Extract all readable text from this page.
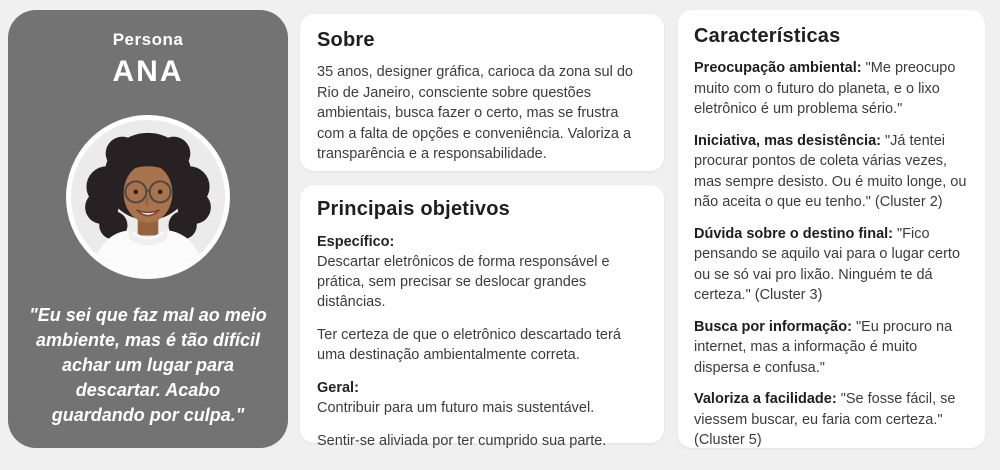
Persona
ANA
"Eu sei que faz mal ao meio ambiente, mas é tão difícil achar um lugar para descartar. Acabo guardando por culpa."
Sobre

35 anos, designer gráfica, carioca da zona sul do Rio de Janeiro, consciente sobre questões ambientais, busca fazer o certo, mas se frustra com a falta de opções e conveniência. Valoriza a transparência e a responsabilidade.

Principais objetivos
Específico:

Descartar eletrônicos de forma responsável e prática, sem precisar se deslocar grandes distâncias.

Ter certeza de que o eletrônico descartado terá uma destinação ambientalmente correta.

Geral:

Contribuir para um futuro mais sustentável.

Sentir-se aliviada por ter cumprido sua parte.

Características

Preocupação ambiental: "Me preocupo muito com o futuro do planeta, e o lixo eletrônico é um problema sério."

Iniciativa, mas desistência: "Já tentei procurar pontos de coleta várias vezes, mas sempre desisto. Ou é muito longe, ou não aceita o que eu tenho." (Cluster 2)

Dúvida sobre o destino final: "Fico pensando se aquilo vai para o lugar certo ou se só vai pro lixão. Ninguém te dá certeza." (Cluster 3)

Busca por informação: "Eu procuro na internet, mas a informação é muito dispersa e confusa."

Valoriza a facilidade: "Se fosse fácil, se viessem buscar, eu faria com certeza." (Cluster 5)
